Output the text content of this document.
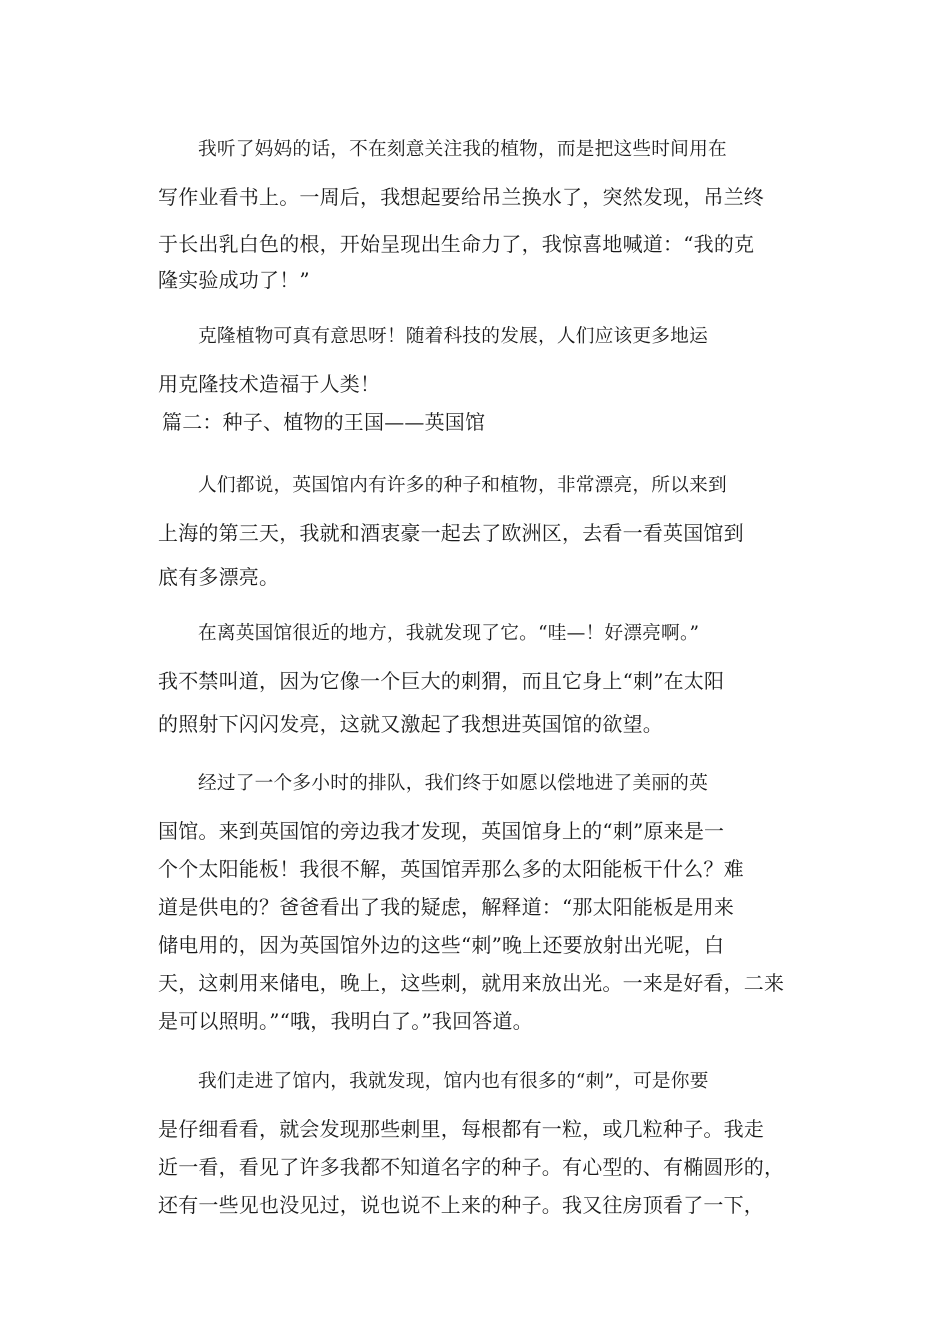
我听了妈妈的话，不在刻意关注我的植物，而是把这些时间用在
写作业看书上。一周后，我想起要给吊兰换水了，突然发现，吊兰终
于长出乳白色的根，开始呈现出生命力了，我惊喜地喊道：“我的克
隆实验成功了！”
克隆植物可真有意思呀！随着科技的发展，人们应该更多地运
用克隆技术造福于人类！
篇二：种子、植物的王国——英国馆
人们都说，英国馆内有许多的种子和植物，非常漂亮，所以来到
上海的第三天，我就和酒衷豪一起去了欧洲区，去看一看英国馆到
底有多漂亮。
在离英国馆很近的地方，我就发现了它。“哇—！好漂亮啊。”
我不禁叫道，因为它像一个巨大的刺猬，而且它身上“刺”在太阳
的照射下闪闪发亮，这就又激起了我想进英国馆的欲望。
经过了一个多小时的排队，我们终于如愿以偿地进了美丽的英
国馆。来到英国馆的旁边我才发现，英国馆身上的“刺”原来是一
个个太阳能板！我很不解，英国馆弄那么多的太阳能板干什么？难
道是供电的？爸爸看出了我的疑虑，解释道：“那太阳能板是用来
储电用的，因为英国馆外边的这些“刺”晚上还要放射出光呢，白
天，这刺用来储电，晚上，这些刺，就用来放出光。一来是好看，二来
是可以照明。”“哦，我明白了。”我回答道。
我们走进了馆内，我就发现，馆内也有很多的“刺”，可是你要
是仔细看看，就会发现那些刺里，每根都有一粒，或几粒种子。我走
近一看，看见了许多我都不知道名字的种子。有心型的、有椭圆形的，
还有一些见也没见过，说也说不上来的种子。我又往房顶看了一下，
